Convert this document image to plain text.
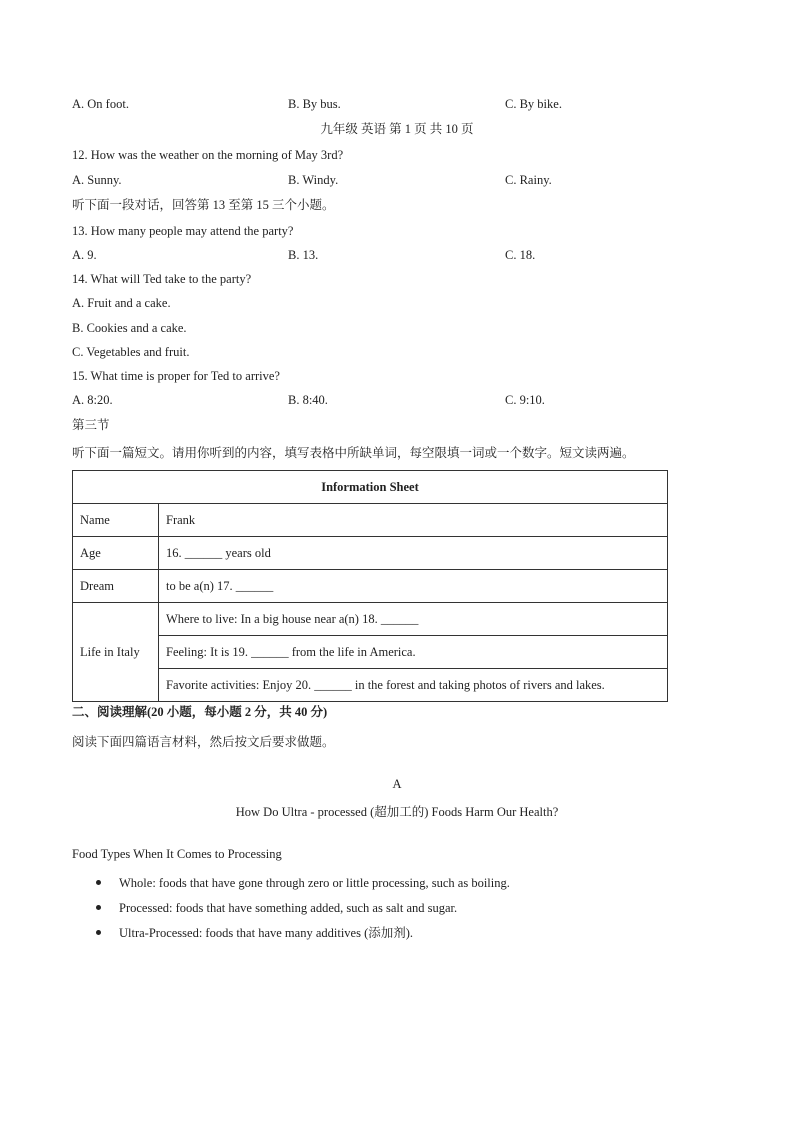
A. On foot.	B. By bus.	C. By bike.
九年级 英语 第 1 页 共 10 页
12. How was the weather on the morning of May 3rd?
A. Sunny.	B. Windy.	C. Rainy.
听下面一段对话，回答第 13 至第 15 三个小题。
13. How many people may attend the party?
A. 9.	B. 13.	C. 18.
14. What will Ted take to the party?
A. Fruit and a cake.
B. Cookies and a cake.
C. Vegetables and fruit.
15. What time is proper for Ted to arrive?
A. 8:20.	B. 8:40.	C. 9:10.
第三节
听下面一篇短文。请用你听到的内容，填写表格中所缺单词，每空限填一词或一个数字。短文读两遍。
Information Sheet	
Name	Frank
Age	16. ______ years old
Dream	to be a(n) 17. ______
Life in Italy	Where to live: In a big house near a(n) 18. ______
	Feeling: It is 19. ______ from the life in America.
	Favorite activities: Enjoy 20. ______ in the forest and taking photos of rivers and lakes.
二、阅读理解(20 小题，每小题 2 分，共 40 分)
阅读下面四篇语言材料，然后按文后要求做题。
A
How Do Ultra - processed (超加工的) Foods Harm Our Health?
Food Types When It Comes to Processing
Whole: foods that have gone through zero or little processing, such as boiling.
Processed: foods that have something added, such as salt and sugar.
Ultra-Processed: foods that have many additives (添加剂).
